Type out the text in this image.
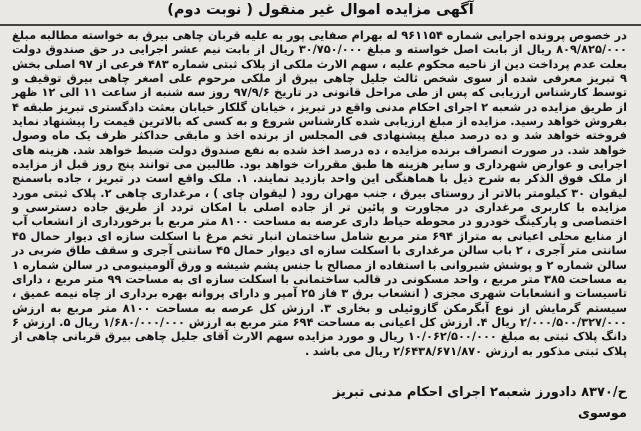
آگهی مزایده اموال غیر منقول ( نوبت دوم)
در خصوص پرونده اجرایی شماره ۹۶۱۱۵۴ له بهرام صفایی پور به علیه قربان چاهی بیرق به خواسته مطالبه مبلغ ۸۰۹/۸۲۵/۰۰۰ ریال از بابت اصل خواسته و مبلغ ۳۰/۷۵۰/۰۰۰ ریال از بابت نیم عشر اجرایی در حق صندوق دولت بعلت عدم پرداخت دین از ناحیه محکوم علیه ، سهم الارث ملکی از پلاک ثبتی شماره ۴۸۳ فرعی از ۹۷ اصلی بخش ۹ تبریز معرفی شده از سوی شخص ثالث جلیل چاهی بیرق از ملکی مرحوم علی اصغر چاهی بیرق توقیف و توسط کارشناس ارزیابی که پس از طی مراحل قانونی در تاریخ ۹۷/۹/۶ روز سه شنبه از ساعت ۱۱ الی ۱۲ ظهر از طریق مزایده در شعبه ۲ اجرای احکام مدنی واقع در تبریز ، خیابان گلکار خیابان بعثت دادگستری تبریز طبقه ۴ بفروش خواهد رسید. مزایده از مبلغ ارزیابی شده کارشناس شروع و به کسی که بالاترین قیمت را پیشنهاد نماید فروخته خواهد شد و ده درصد مبلغ پیشنهادی فی المجلس از برنده اخذ و مابقی حداکثر ظرف یک ماه وصول خواهد شد. در صورت انصراف برنده مزایده ، ده درصد اخذ شده به نفع صندوق دولت ضبط خواهد شد. هزینه های اجرایی و عوارض شهرداری و سایر هزینه ها طبق مقررات خواهد بود. طالبین می توانند پنج روز قبل از مزایده از ملک فوق الذکر به شرح ذیل با هماهنگی این واحد بازدید نمایند. ۱. ملک واقع است در تبریز ، جاده باسمنج لیقوان ۳۰ کیلومتر بالاتر از روستای بیرق ، جنب مهران رود ( لیقوان چای ) ، مرغداری چاهی ۲. پلاک ثبتی مورد مزایده با کاربری مرغداری در مجاورت و پائین تر از جاده اصلی با امکان تردد از طریق جاده دسترسی و اختصاصی و پارکینگ خودرو در محوطه حیاط داری عرصه به مساحت ۸۱۰۰ متر مربع با برخورداری از انشعاب آب از منابع محلی اعیانی به متراژ ۶۹۴ متر مربع شامل ساختمان انبار تخم مرغ با اسکلت سازه ای دیوار حمال ۴۵ سانتی متر آجری ، ۲ باب سالن مرغداری با اسکلت سازه ای دیوار حمال ۴۵ سانتی آجری و سقف طاق ضربی در سالن شماره ۲ و پوشش شیروانی با استفاده از مصالح با جنس پشم شیشه و ورق آلومینیومی در سالن شماره ۱ به مساحت ۳۸۵ متر مربع ، واحد مسکونی در قالب ساختمانی با اسکلت سازه ای به مساحت ۹۹ متر مربع ، دارای تاسیسات و انشعابات شهری مجزی ( انشعاب برق ۳ فاز ۲۵ آمپر و دارای پروانه بهره برداری از چاه نیمه عمیق ، سیستم گرمایش از نوع آبگرمکن گازوئیلی و بخاری ۳. ارزش کل عرصه به مساحت ۸۱۰۰ متر مربع به ارزش ۲/۰۰۰/۵۰۰/۳۲۷/۰۰۰ ریال ۴. ارزش کل اعیانی به مساحت ۶۹۴ متر مربع به ارزش ۱/۶۸۰/۰۰۰/۰۰۰ ریال ۵. ارزش ۶ دانگ پلاک ثبتی به مبلغ ۱۰/۰۶۲/۵۰۰/۰۰۰ ریال و مورد مزایده سهم الارث آقای جلیل چاهی بیرق قربانی چاهی از پلاک ثبتی مذکور به ارزش ۲/۶۴۳۸/۶۷۱/۸۷۰ ریال می باشد .
ح/۸۳۷۰ دادورز شعبه۲ اجرای احکام مدنی تبریز
موسوی
